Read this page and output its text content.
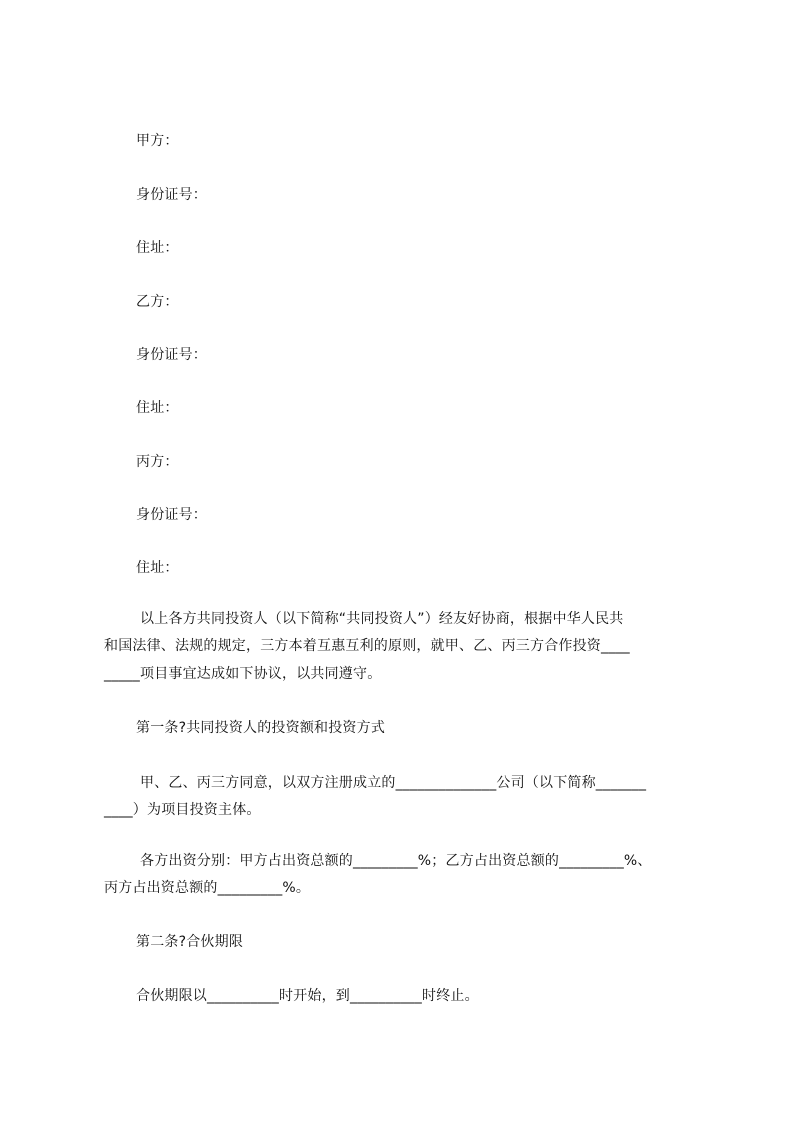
甲方：
身份证号：
住址：
乙方：
身份证号：
住址：
丙方：
身份证号：
住址：
以上各方共同投资人（以下简称“共同投资人”）经友好协商，根据中华人民共
和国法律、法规的规定，三方本着互惠互利的原则，就甲、乙、丙三方合作投资____
_____项目事宜达成如下协议，以共同遵守。
第一条?共同投资人的投资额和投资方式
甲、乙、丙三方同意，以双方注册成立的______________公司（以下简称_______
____）为项目投资主体。
各方出资分别：甲方占出资总额的_________%；乙方占出资总额的_________%、
丙方占出资总额的_________%。
第二条?合伙期限
合伙期限以__________时开始，到__________时终止。
